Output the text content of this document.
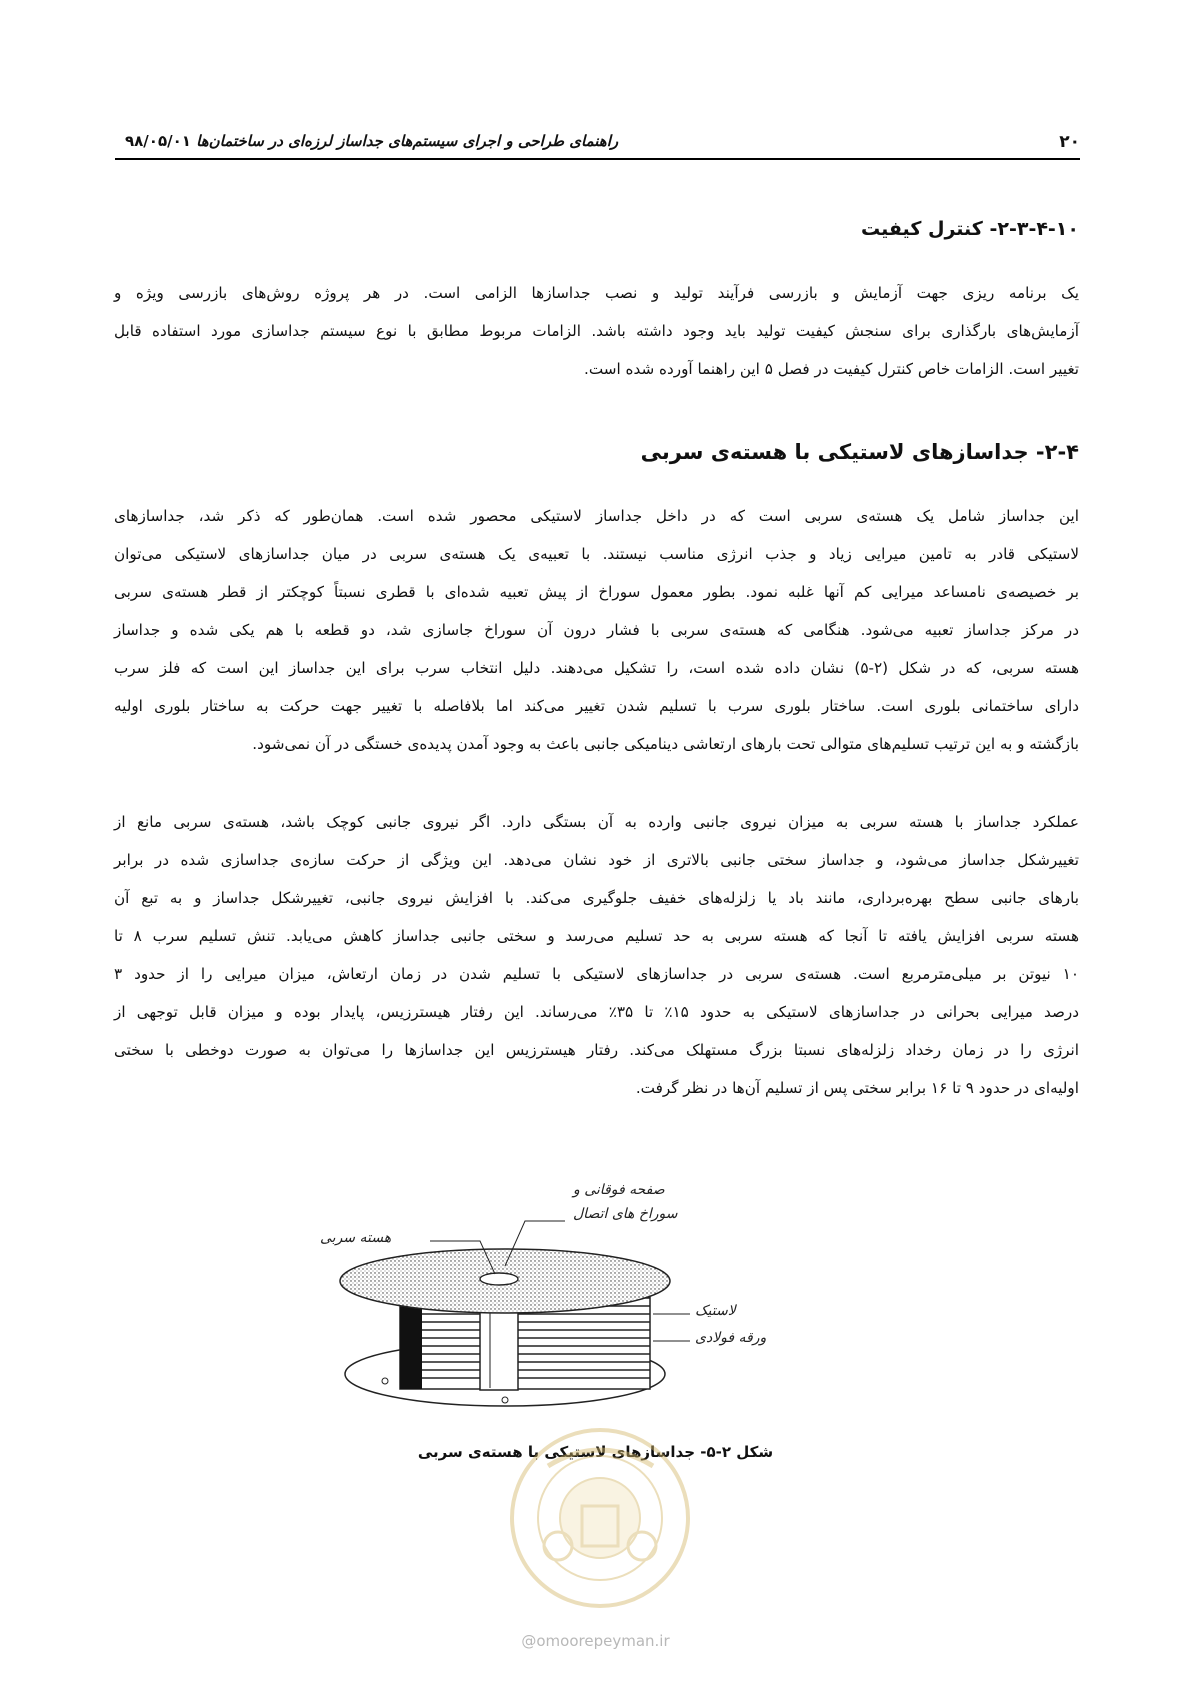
۲۰
راهنمای طراحی و اجرای سیستم‌های جداساز لرزه‌ای در ساختمان‌ها ۹۸/۰۵/۰۱
۲-۳-۴-۱۰- کنترل کیفیت
یک برنامه ریزی جهت آزمایش و بازرسی فرآیند تولید و نصب جداسازها الزامی است. در هر پروژه روش‌های بازرسی ویژه و
آزمایش‌های بارگذاری برای سنجش کیفیت تولید باید وجود داشته باشد. الزامات مربوط مطابق با نوع سیستم جداسازی مورد استفاده قابل
تغییر است. الزامات خاص کنترل کیفیت در فصل ۵ این راهنما آورده شده است.
۲-۴- جداسازهای لاستیکی با هسته‌ی سربی
این جداساز شامل یک هسته‌ی سربی است که در داخل جداساز لاستیکی محصور شده است. همان‌طور که ذکر شد، جداسازهای
لاستیکی قادر به تامین میرایی زیاد و جذب انرژی مناسب نیستند. با تعبیه‌ی یک هسته‌ی سربی در میان جداسازهای لاستیکی می‌توان
بر خصیصه‌ی نامساعد میرایی کم آنها غلبه نمود. بطور معمول سوراخ از پیش تعبیه شده‌ای با قطری نسبتاً کوچکتر از قطر هسته‌ی سربی
در مرکز جداساز تعبیه می‌شود. هنگامی که هسته‌ی سربی با فشار درون آن سوراخ جاسازی شد، دو قطعه با هم یکی شده و جداساز
هسته سربی، که در شکل (۲-۵) نشان داده شده است، را تشکیل می‌دهند. دلیل انتخاب سرب برای این جداساز این است که فلز سرب
دارای ساختمانی بلوری است. ساختار بلوری سرب با تسلیم شدن تغییر می‌کند اما بلافاصله با تغییر جهت حرکت به ساختار بلوری اولیه
بازگشته و به این ترتیب تسلیم‌های متوالی تحت بارهای ارتعاشی دینامیکی جانبی باعث به وجود آمدن پدیده‌ی خستگی در آن نمی‌شود.
عملکرد جداساز با هسته سربی به میزان نیروی جانبی وارده به آن بستگی دارد. اگر نیروی جانبی کوچک باشد، هسته‌ی سربی مانع از
تغییرشکل جداساز می‌شود، و جداساز سختی جانبی بالاتری از خود نشان می‌دهد. این ویژگی از حرکت سازه‌ی جداسازی شده در برابر
بارهای جانبی سطح بهره‌برداری، مانند باد یا زلزله‌های خفیف جلوگیری می‌کند. با افزایش نیروی جانبی، تغییرشکل جداساز و به تبع آن
هسته سربی افزایش یافته تا آنجا که هسته سربی به حد تسلیم می‌رسد و سختی جانبی جداساز کاهش می‌یابد. تنش تسلیم سرب ۸ تا
۱۰ نیوتن بر میلی‌مترمربع است. هسته‌ی سربی در جداسازهای لاستیکی با تسلیم شدن در زمان ارتعاش، میزان میرایی را از حدود ۳
درصد میرایی بحرانی در جداسازهای لاستیکی به حدود ۱۵٪ تا ۳۵٪ می‌رساند. این رفتار هیسترزیس، پایدار بوده و میزان قابل توجهی از
انرژی را در زمان رخداد زلزله‌های نسبتا بزرگ مستهلک می‌کند. رفتار هیسترزیس این جداسازها را می‌توان به صورت دوخطی با سختی
اولیه‌ای در حدود ۹ تا ۱۶ برابر سختی پس از تسلیم آن‌ها در نظر گرفت.
صفحه فوقانی و
سوراخ های اتصال
هسته سربی
لاستیک
ورقه فولادی
شکل ۲-۵- جداسازهای لاستیکی با هسته‌ی سربی
@omoorepeyman.ir
